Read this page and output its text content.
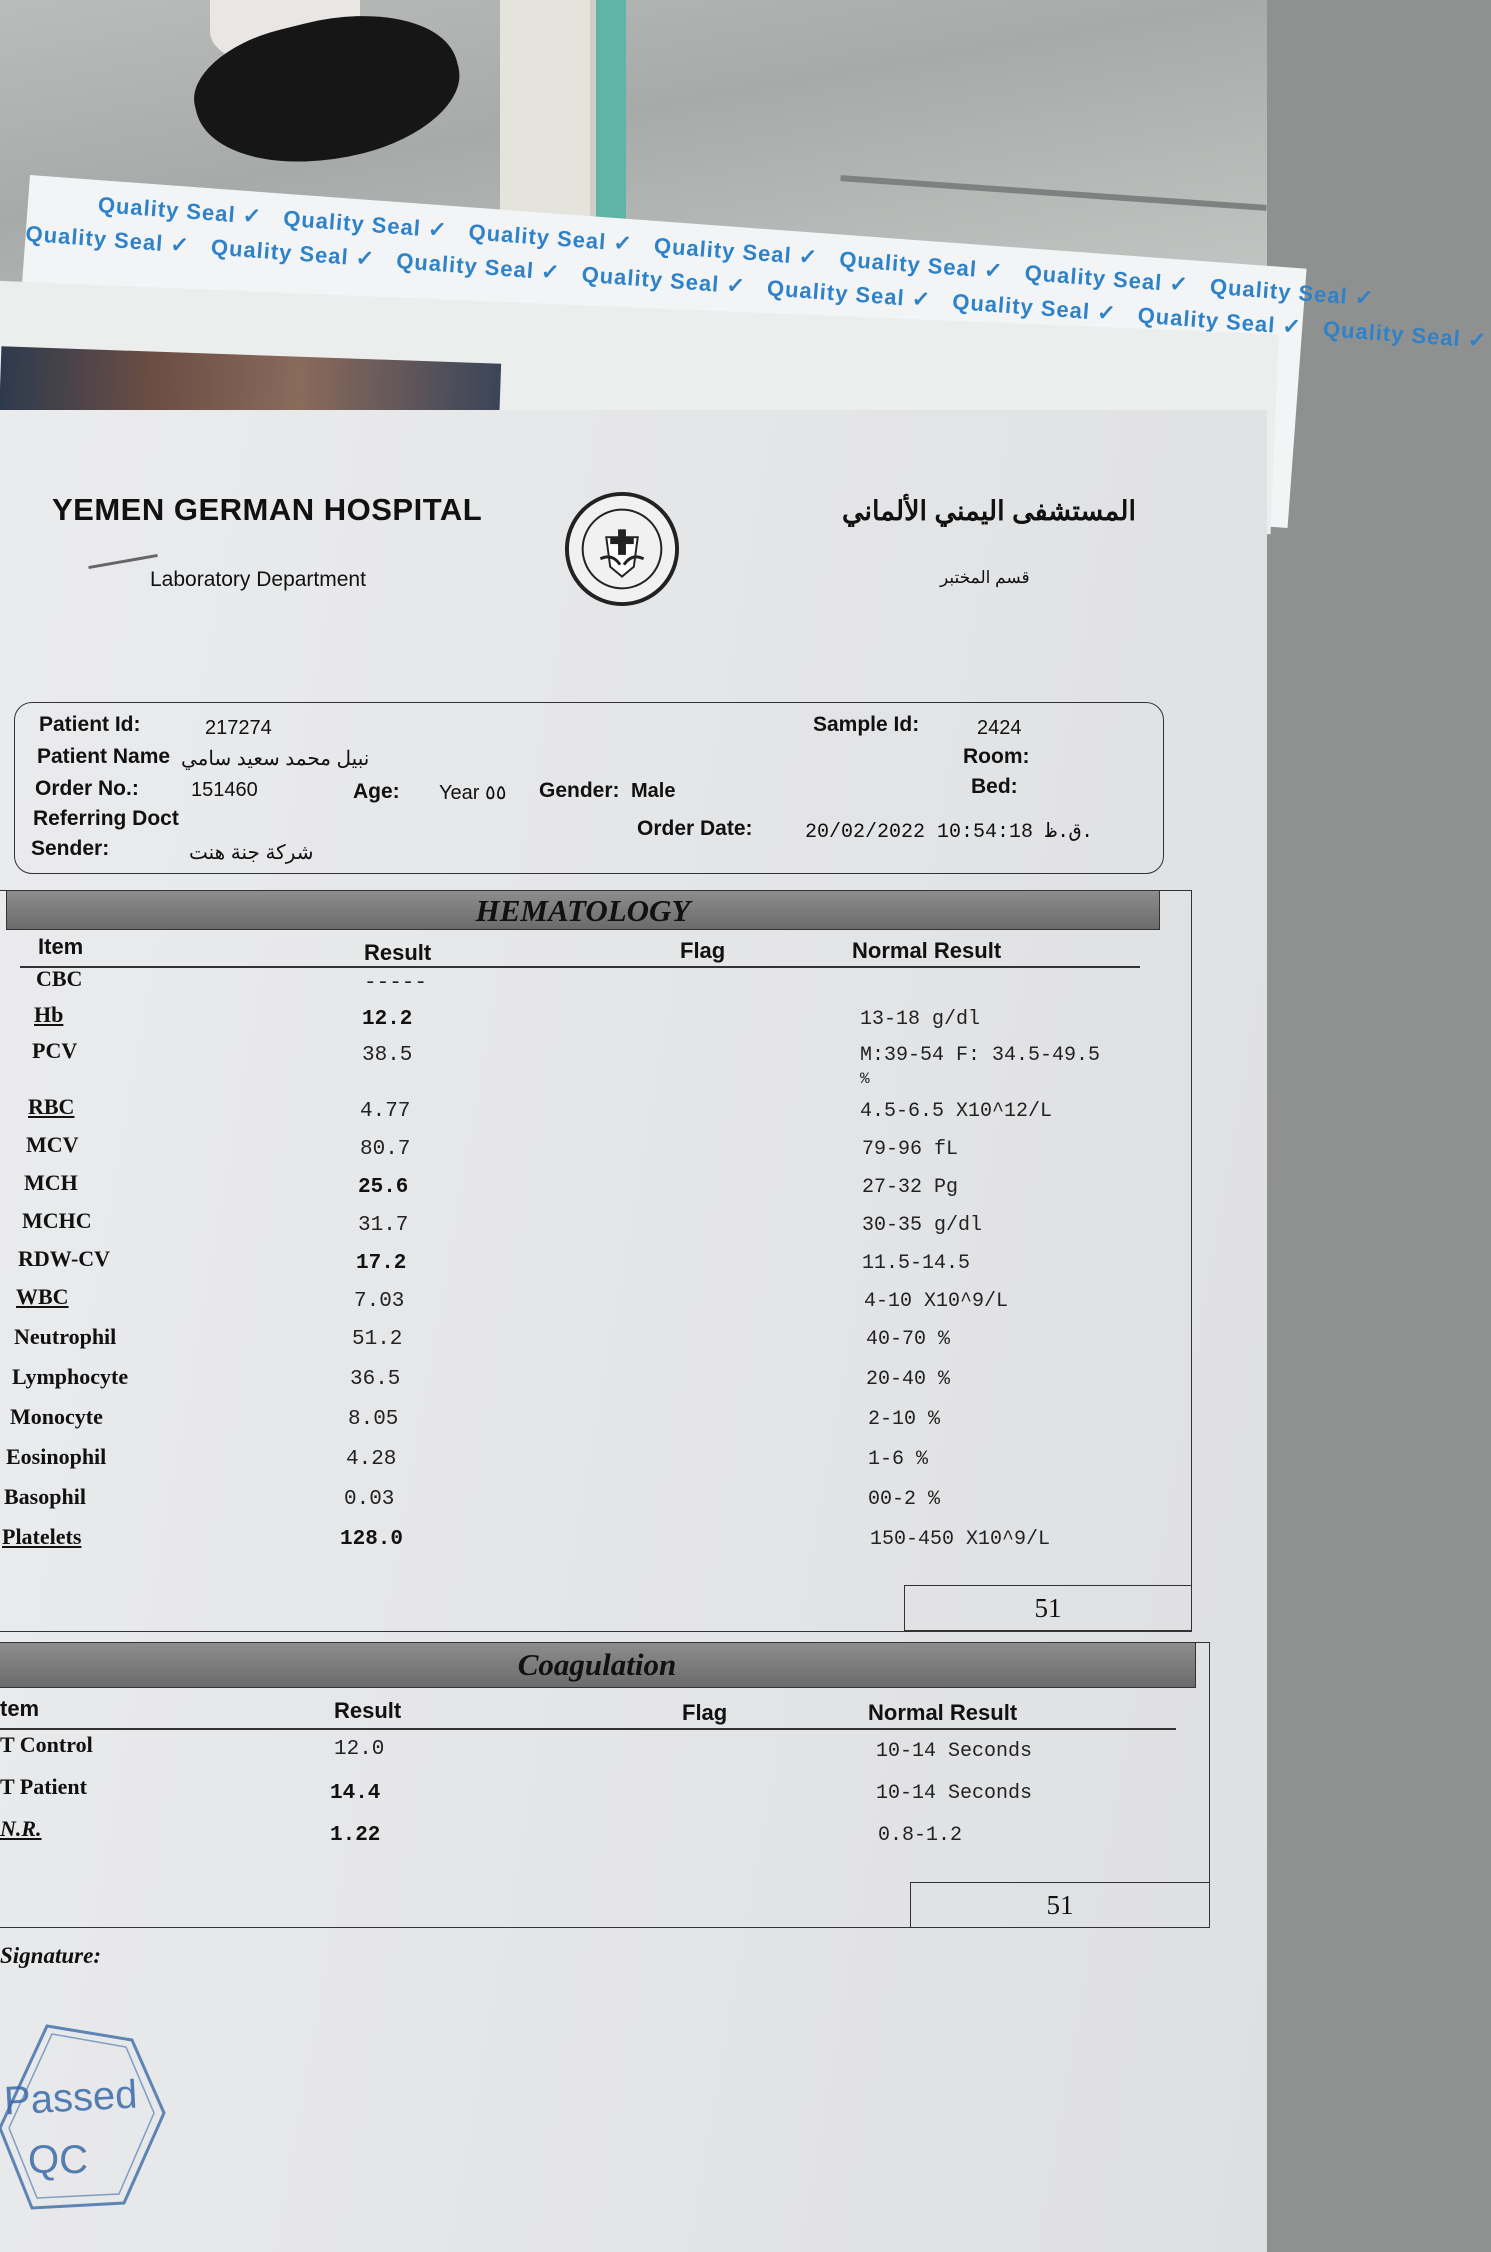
Quality Seal ✓   Quality Seal ✓   Quality Seal ✓   Quality Seal ✓   Quality Seal ✓   Quality Seal ✓   Quality Seal ✓
Quality Seal ✓   Quality Seal ✓   Quality Seal ✓   Quality Seal ✓   Quality Seal ✓   Quality Seal ✓   Quality Seal ✓   Quality Seal ✓
YEMEN GERMAN HOSPITAL
Laboratory Department
المستشفى اليمني الألماني
قسم المختبر
Patient Id:	217274
Patient Name نبيل محمد سعيد سامي
Order No.:	151460	Age: Year ٥٥ Gender: Male
Referring Doct
Sender:	شركة جنة هنت
Sample Id:	2424
Room:
Bed:
Order Date:	20/02/2022 10:54:18 ق.ظ.
HEMATOLOGY
Item	Result	Flag	Normal Result
CBC	-----
Hb	12.2	13-18 g/dl
PCV	38.5	M:39-54 F: 34.5-49.5
%
RBC	4.77	4.5-6.5 X10^12/L
MCV	80.7	79-96 fL
MCH	25.6	27-32 Pg
MCHC	31.7	30-35 g/dl
RDW-CV	17.2	11.5-14.5
WBC	7.03	4-10 X10^9/L
Neutrophil	51.2	40-70 %
Lymphocyte	36.5	20-40 %
Monocyte	8.05	2-10 %
Eosinophil	4.28	1-6 %
Basophil	0.03	00-2 %
Platelets	128.0	150-450 X10^9/L
51
Coagulation
tem	Result	Flag	Normal Result
T Control	12.0	10-14 Seconds
T Patient	14.4	10-14 Seconds
N.R.	1.22	0.8-1.2
51
Signature:
Passed
QC
